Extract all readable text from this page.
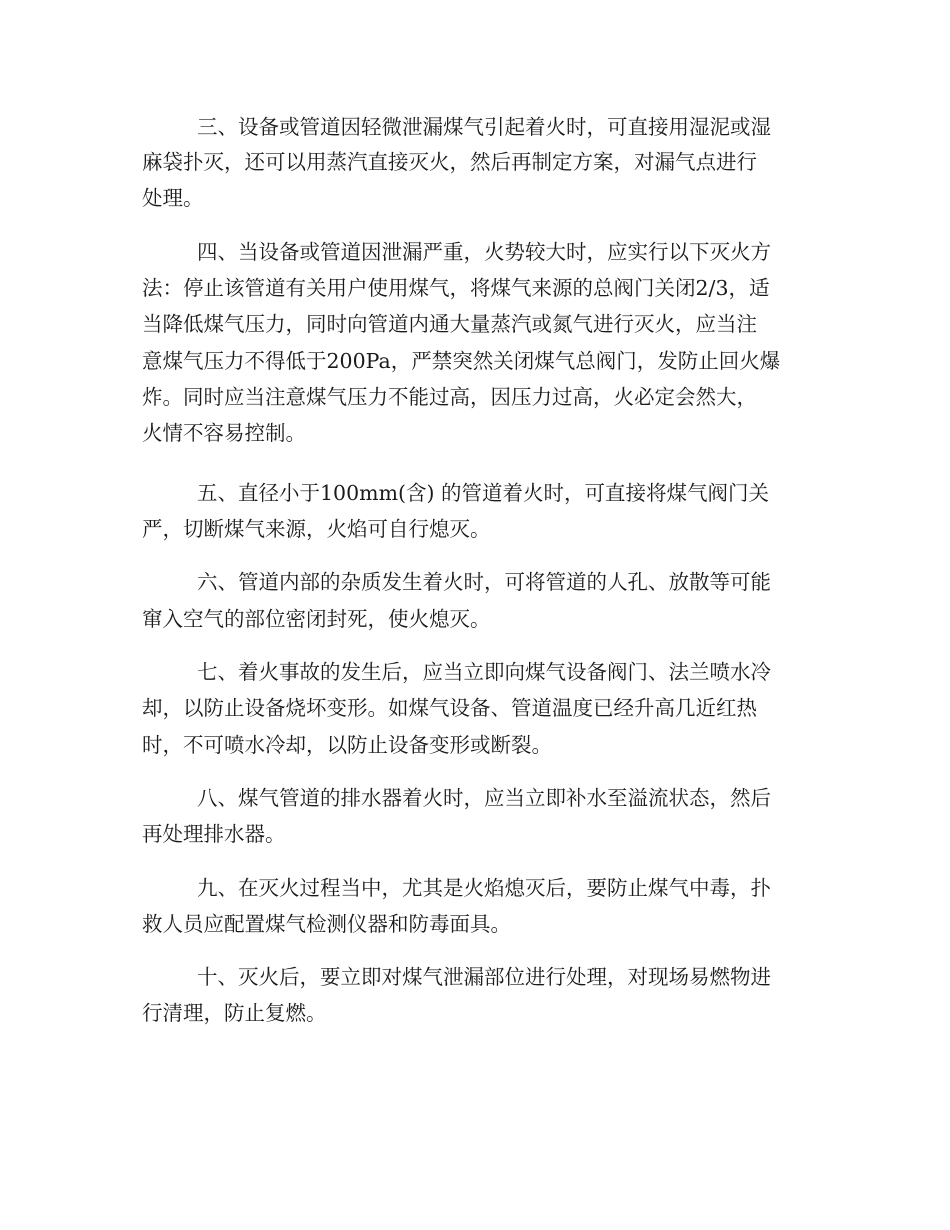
三、设备或管道因轻微泄漏煤气引起着火时，可直接用湿泥或湿
麻袋扑灭，还可以用蒸汽直接灭火，然后再制定方案，对漏气点进行
处理。
四、当设备或管道因泄漏严重，火势较大时，应实行以下灭火方
法：停止该管道有关用户使用煤气，将煤气来源的总阀门关闭2/3，适
当降低煤气压力，同时向管道内通大量蒸汽或氮气进行灭火，应当注
意煤气压力不得低于200Pa，严禁突然关闭煤气总阀门，发防止回火爆
炸。同时应当注意煤气压力不能过高，因压力过高，火必定会然大，
火情不容易控制。
五、直径小于100mm(含) 的管道着火时，可直接将煤气阀门关
严，切断煤气来源，火焰可自行熄灭。
六、管道内部的杂质发生着火时，可将管道的人孔、放散等可能
窜入空气的部位密闭封死，使火熄灭。
七、着火事故的发生后，应当立即向煤气设备阀门、法兰喷水冷
却，以防止设备烧坏变形。如煤气设备、管道温度已经升高几近红热
时，不可喷水冷却，以防止设备变形或断裂。
八、煤气管道的排水器着火时，应当立即补水至溢流状态，然后
再处理排水器。
九、在灭火过程当中，尤其是火焰熄灭后，要防止煤气中毒，扑
救人员应配置煤气检测仪器和防毒面具。
十、灭火后，要立即对煤气泄漏部位进行处理，对现场易燃物进
行清理，防止复燃。
